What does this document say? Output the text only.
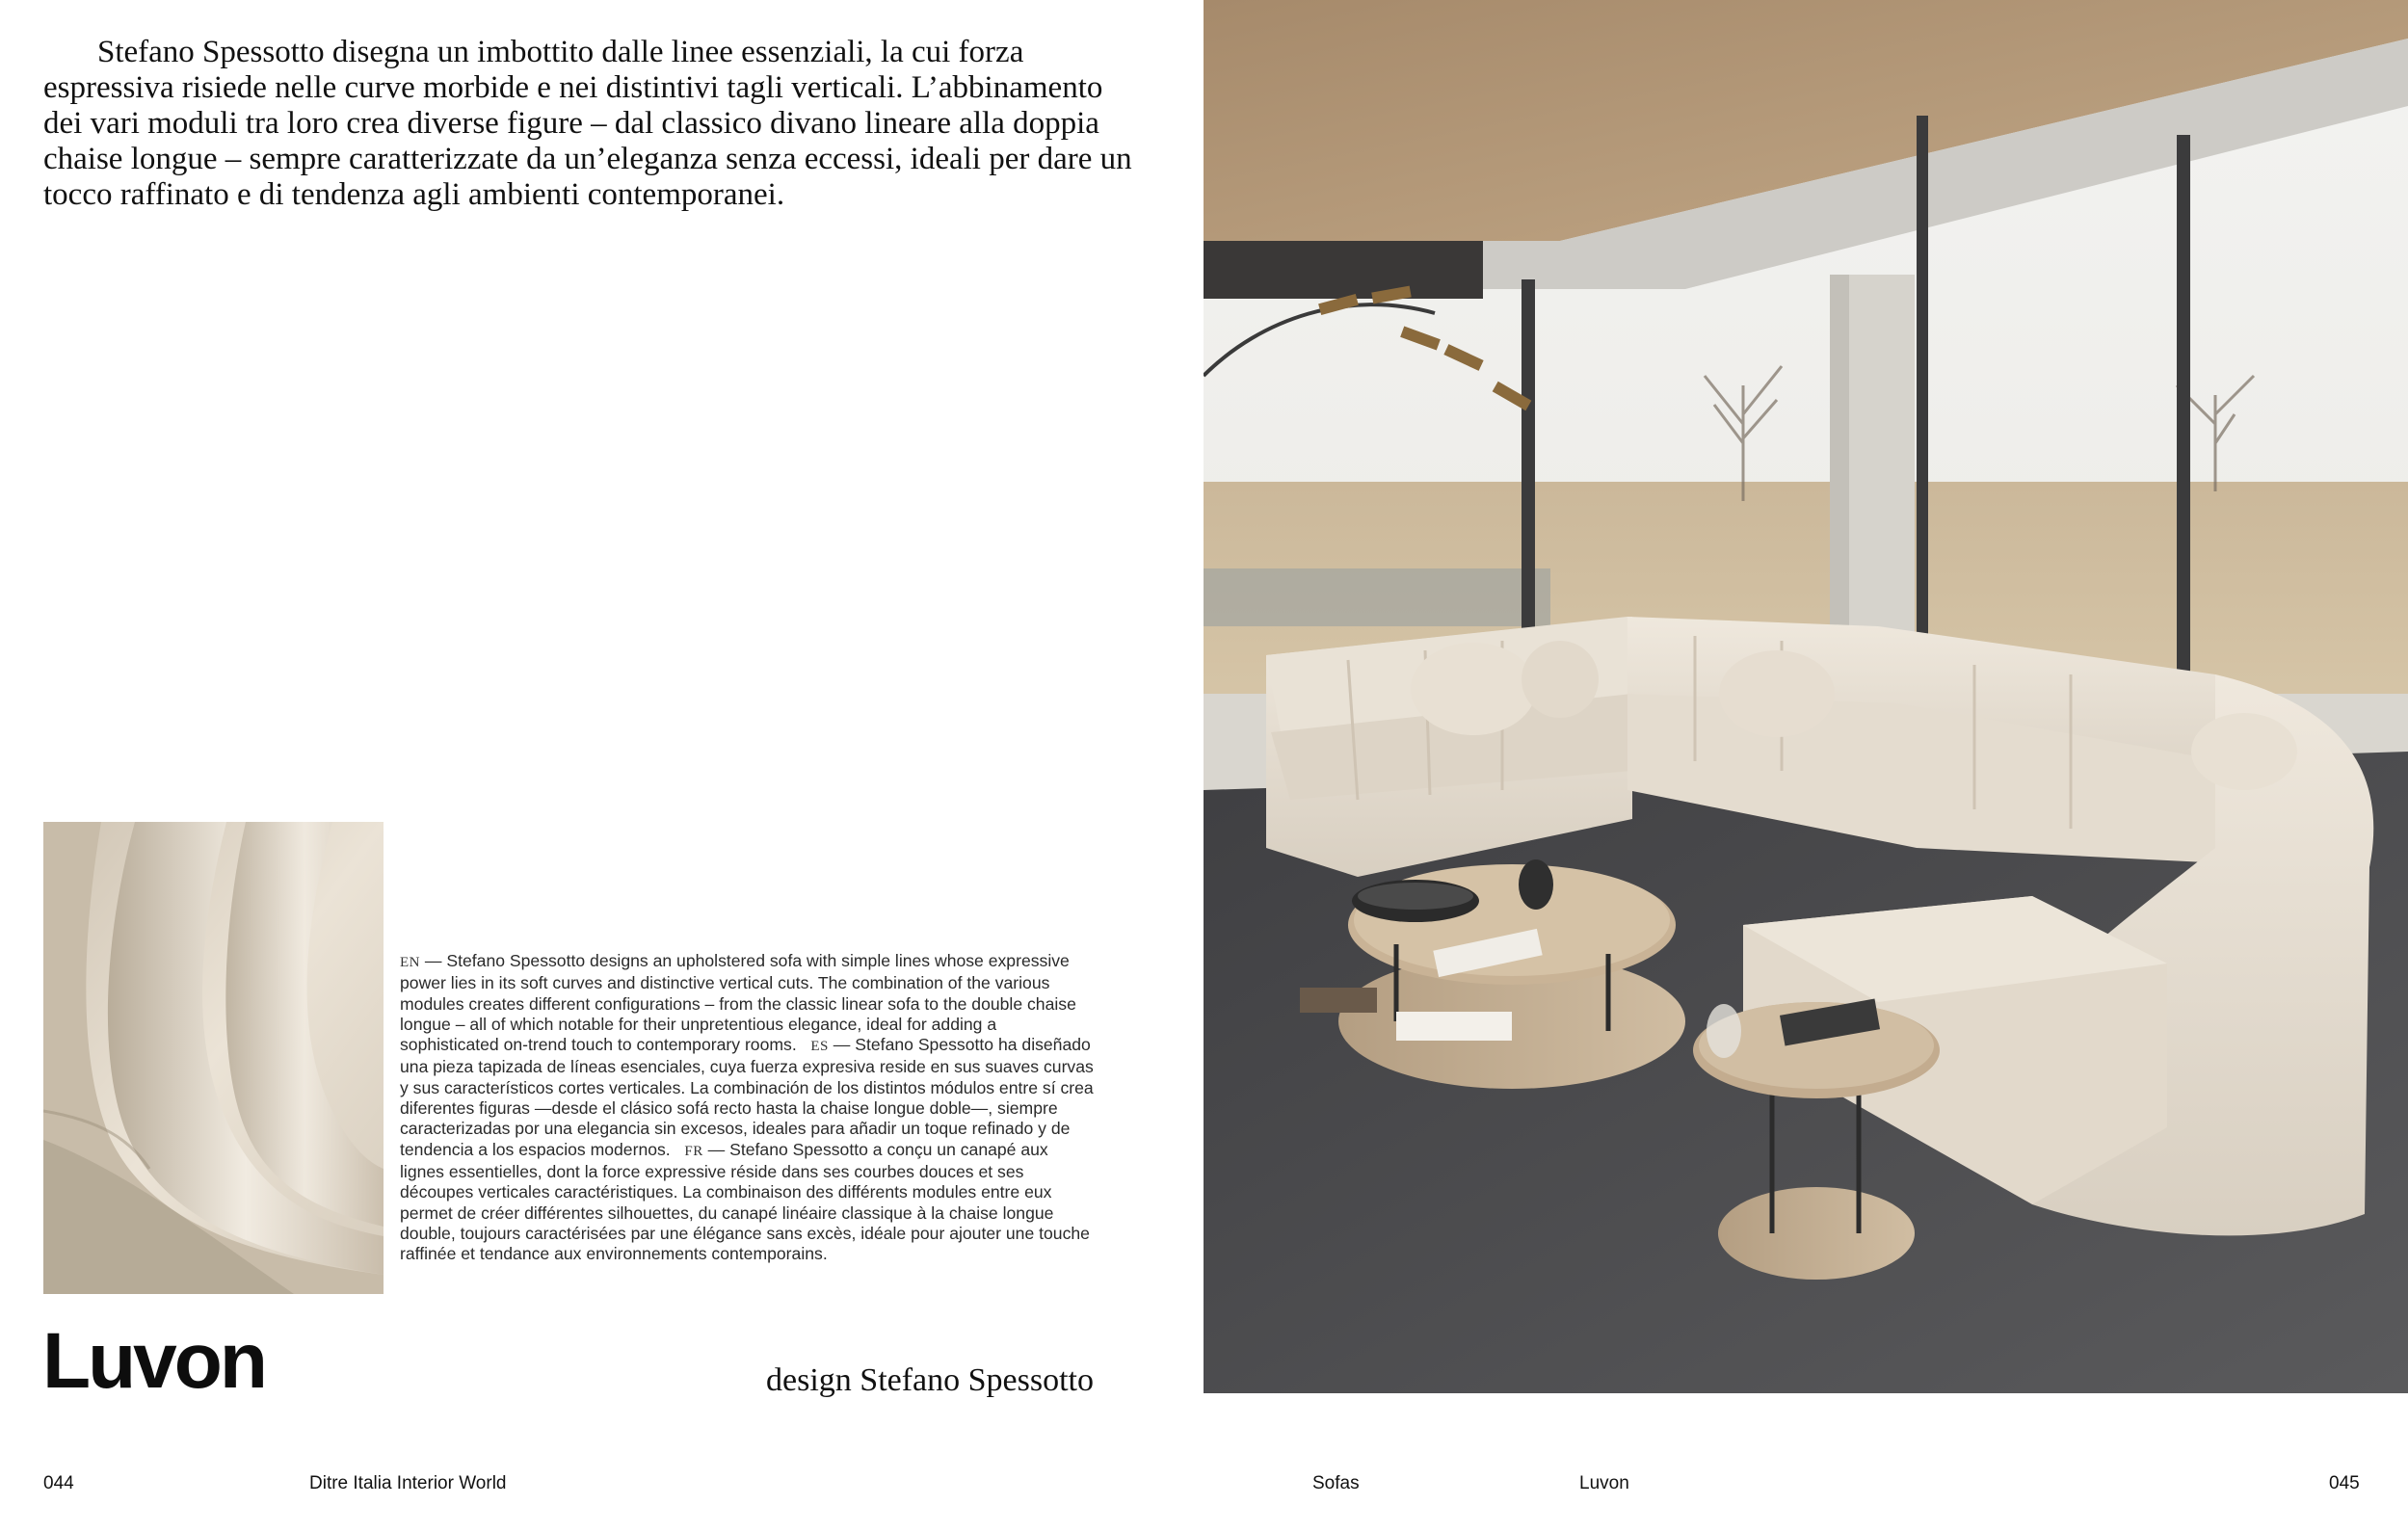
Stefano Spessotto disegna un imbottito dalle linee essenziali, la cui forza espressiva risiede nelle curve morbide e nei distintivi tagli verticali. L’abbinamento dei vari moduli tra loro crea diverse figure – dal classico divano lineare alla doppia chaise longue – sempre caratterizzate da un’eleganza senza eccessi, ideali per dare un tocco raffinato e di tendenza agli ambienti contemporanei.

EN — Stefano Spessotto designs an upholstered sofa with simple lines whose expressive power lies in its soft curves and distinctive vertical cuts. The combination of the various modules creates different configurations – from the classic linear sofa to the double chaise longue – all of which notable for their unpretentious elegance, ideal for adding a sophisticated on-trend touch to contemporary rooms. ES — Stefano Spessotto ha diseñado una pieza tapizada de líneas esenciales, cuya fuerza expresiva reside en sus suaves curvas y sus característicos cortes verticales. La combinación de los distintos módulos entre sí crea diferentes figuras —desde el clásico sofá recto hasta la chaise longue doble—, siempre caracterizadas por una elegancia sin excesos, ideales para añadir un toque refinado y de tendencia a los espacios modernos. FR — Stefano Spessotto a conçu un canapé aux lignes essentielles, dont la force expressive réside dans ses courbes douces et ses découpes verticales caractéristiques. La combinaison des différents modules entre eux permet de créer différentes silhouettes, du canapé linéaire classique à la chaise longue double, toujours caractérisées par une élégance sans excès, idéale pour ajouter une touche raffinée et tendance aux environnements contemporains.

Luvon	design Stefano Spessotto
044	Ditre Italia Interior World	Sofas	Luvon	045
